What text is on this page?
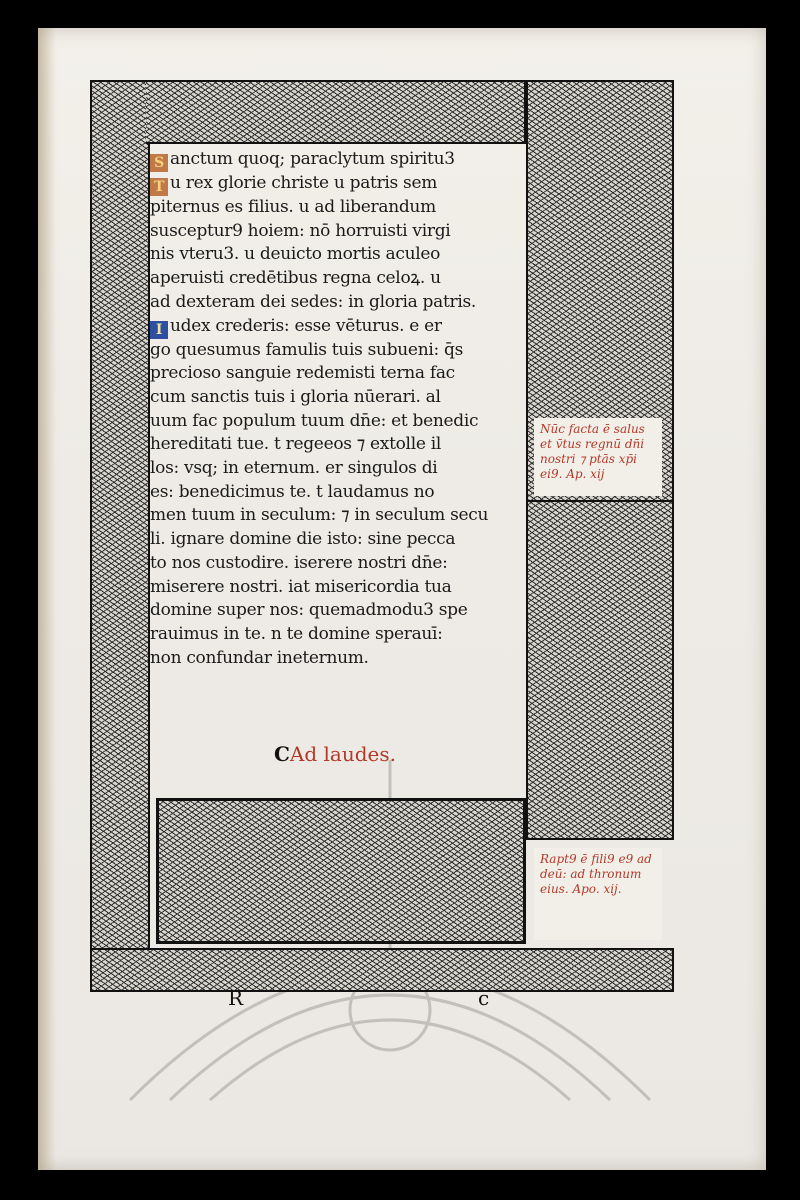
Nūc facta ē salus et v̄tus regnū dn̄i nostri ⁊ ptās xp̄i ei9. Ap. xij
Rapt9 ē fili9 e9 ad deū: ad thronum eius. Apo. xij.
S anctum quoq; paraclytum spiritu3
T u rex glorie christe u patris sem
piternus es filius. u ad liberandum
susceptur9 hoiem: nō horruisti virgi
nis vteru3. u deuicto mortis aculeo
aperuisti credētibus regna celoꝝ. u
ad dexteram dei sedes: in gloria patris.
I udex crederis: esse vēturus. e er
go quesumus famulis tuis subueni: q̄s
precioso sanguie redemisti terna fac
cum sanctis tuis i gloria nūerari. al
uum fac populum tuum dn̄e: et benedic
hereditati tue. t regeeos ⁊ extolle il
los: vsq; in eternum. er singulos di
es: benedicimus te. t laudamus no
men tuum in seculum: ⁊ in seculum secu
li. ignare domine die isto: sine pecca
to nos custodire. iserere nostri dn̄e:
miserere nostri. iat misericordia tua
domine super nos: quemadmodu3 spe
rauimus in te. n te domine sperauī:
non confundar ineternum.
CAd laudes.
R	c
